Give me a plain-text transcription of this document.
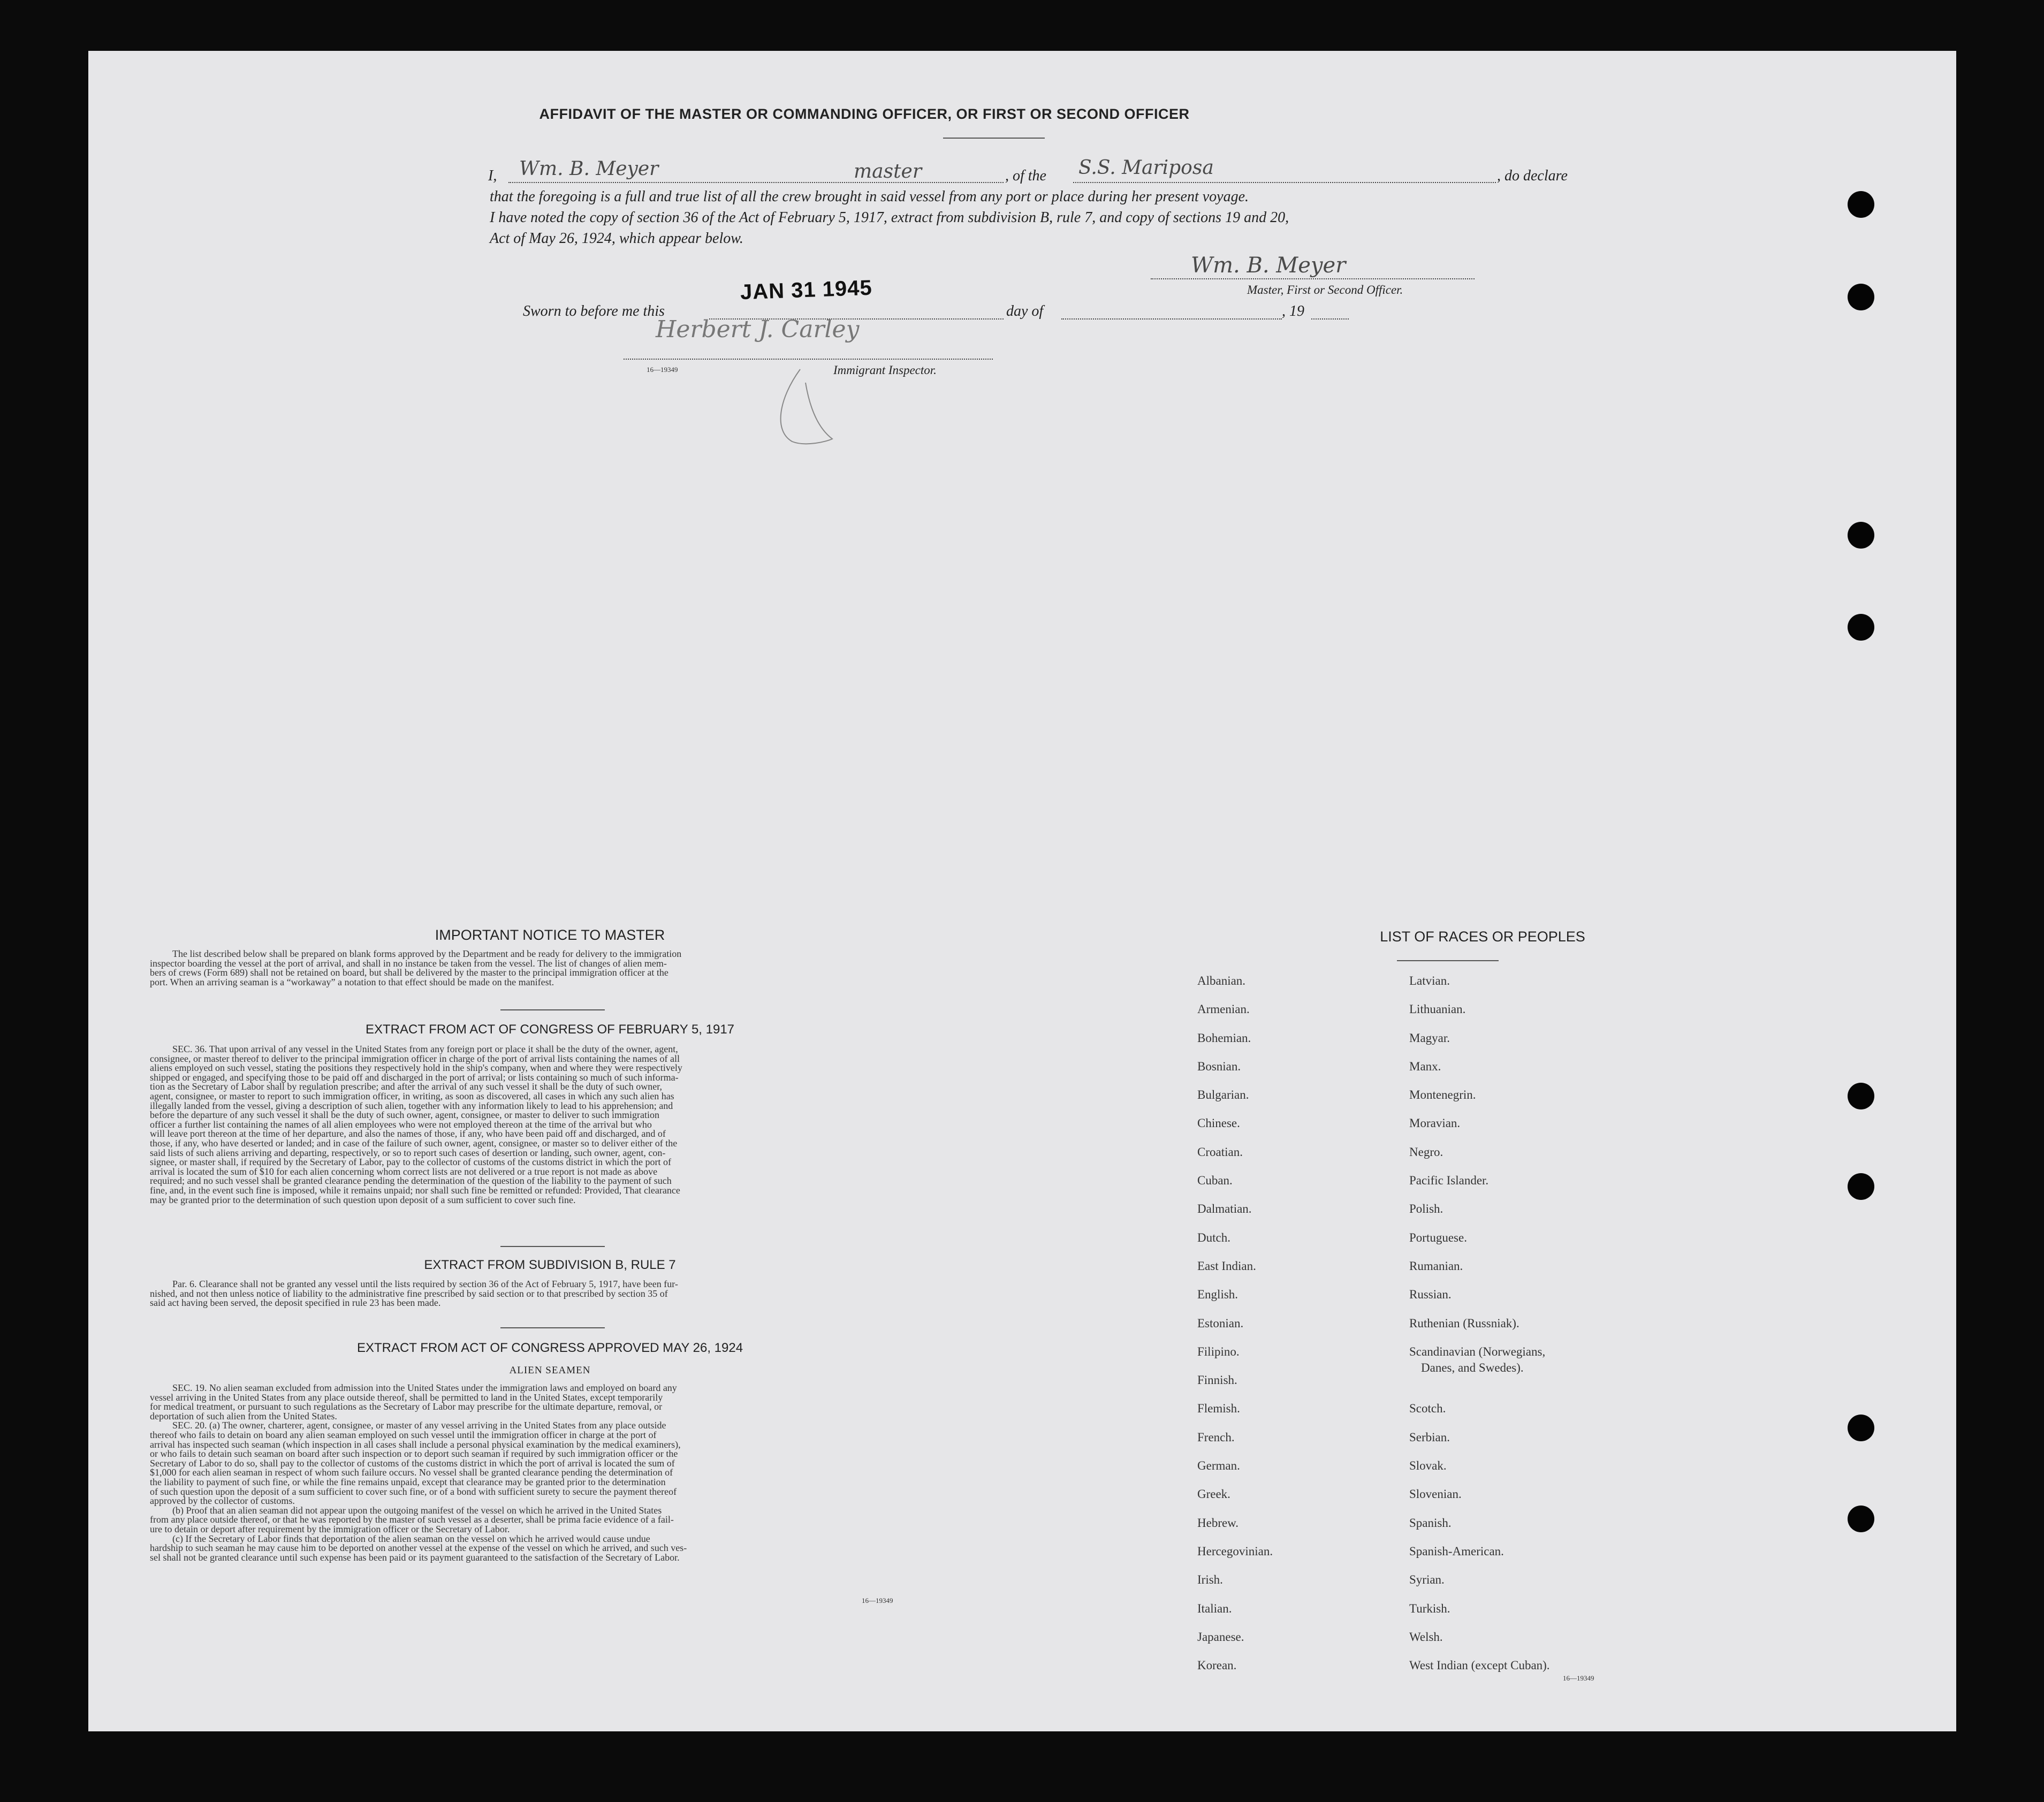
AFFIDAVIT OF THE MASTER OR COMMANDING OFFICER, OR FIRST OR SECOND OFFICER
I,	Wm. B. Meyer	master	, of the S.S. Mariposa	, do declare
that the foregoing is a full and true list of all the crew brought in said vessel from any port or place during her present voyage.
I have noted the copy of section 36 of the Act of February 5, 1917, extract from subdivision B, rule 7, and copy of sections 19 and 20,
Act of May 26, 1924, which appear below.
Wm. B. Meyer
Master, First or Second Officer.
Sworn to before me this
JAN 31 1945
day of	, 19
Herbert J. Carley
16—19349	Immigrant Inspector.
IMPORTANT NOTICE TO MASTER
The list described below shall be prepared on blank forms approved by the Department and be ready for delivery to the immigration
inspector boarding the vessel at the port of arrival, and shall in no instance be taken from the vessel. The list of changes of alien mem-
bers of crews (Form 689) shall not be retained on board, but shall be delivered by the master to the principal immigration officer at the
port. When an arriving seaman is a “workaway” a notation to that effect should be made on the manifest.
EXTRACT FROM ACT OF CONGRESS OF FEBRUARY 5, 1917
SEC. 36. That upon arrival of any vessel in the United States from any foreign port or place it shall be the duty of the owner, agent,
consignee, or master thereof to deliver to the principal immigration officer in charge of the port of arrival lists containing the names of all
aliens employed on such vessel, stating the positions they respectively hold in the ship's company, when and where they were respectively
shipped or engaged, and specifying those to be paid off and discharged in the port of arrival; or lists containing so much of such informa-
tion as the Secretary of Labor shall by regulation prescribe; and after the arrival of any such vessel it shall be the duty of such owner,
agent, consignee, or master to report to such immigration officer, in writing, as soon as discovered, all cases in which any such alien has
illegally landed from the vessel, giving a description of such alien, together with any information likely to lead to his apprehension; and
before the departure of any such vessel it shall be the duty of such owner, agent, consignee, or master to deliver to such immigration
officer a further list containing the names of all alien employees who were not employed thereon at the time of the arrival but who
will leave port thereon at the time of her departure, and also the names of those, if any, who have been paid off and discharged, and of
those, if any, who have deserted or landed; and in case of the failure of such owner, agent, consignee, or master so to deliver either of the
said lists of such aliens arriving and departing, respectively, or so to report such cases of desertion or landing, such owner, agent, con-
signee, or master shall, if required by the Secretary of Labor, pay to the collector of customs of the customs district in which the port of
arrival is located the sum of $10 for each alien concerning whom correct lists are not delivered or a true report is not made as above
required; and no such vessel shall be granted clearance pending the determination of the question of the liability to the payment of such
fine, and, in the event such fine is imposed, while it remains unpaid; nor shall such fine be remitted or refunded: Provided, That clearance
may be granted prior to the determination of such question upon deposit of a sum sufficient to cover such fine.
EXTRACT FROM SUBDIVISION B, RULE 7
Par. 6. Clearance shall not be granted any vessel until the lists required by section 36 of the Act of February 5, 1917, have been fur-
nished, and not then unless notice of liability to the administrative fine prescribed by said section or to that prescribed by section 35 of
said act having been served, the deposit specified in rule 23 has been made.
EXTRACT FROM ACT OF CONGRESS APPROVED MAY 26, 1924
ALIEN SEAMEN
SEC. 19. No alien seaman excluded from admission into the United States under the immigration laws and employed on board any
vessel arriving in the United States from any place outside thereof, shall be permitted to land in the United States, except temporarily
for medical treatment, or pursuant to such regulations as the Secretary of Labor may prescribe for the ultimate departure, removal, or
deportation of such alien from the United States.
SEC. 20. (a) The owner, charterer, agent, consignee, or master of any vessel arriving in the United States from any place outside
thereof who fails to detain on board any alien seaman employed on such vessel until the immigration officer in charge at the port of
arrival has inspected such seaman (which inspection in all cases shall include a personal physical examination by the medical examiners),
or who fails to detain such seaman on board after such inspection or to deport such seaman if required by such immigration officer or the
Secretary of Labor to do so, shall pay to the collector of customs of the customs district in which the port of arrival is located the sum of
$1,000 for each alien seaman in respect of whom such failure occurs. No vessel shall be granted clearance pending the determination of
the liability to payment of such fine, or while the fine remains unpaid, except that clearance may be granted prior to the determination
of such question upon the deposit of a sum sufficient to cover such fine, or of a bond with sufficient surety to secure the payment thereof
approved by the collector of customs.
(b) Proof that an alien seaman did not appear upon the outgoing manifest of the vessel on which he arrived in the United States
from any place outside thereof, or that he was reported by the master of such vessel as a deserter, shall be prima facie evidence of a fail-
ure to detain or deport after requirement by the immigration officer or the Secretary of Labor.
(c) If the Secretary of Labor finds that deportation of the alien seaman on the vessel on which he arrived would cause undue
hardship to such seaman he may cause him to be deported on another vessel at the expense of the vessel on which he arrived, and such ves-
sel shall not be granted clearance until such expense has been paid or its payment guaranteed to the satisfaction of the Secretary of Labor.
16—19349
LIST OF RACES OR PEOPLES
Albanian.
Armenian.
Bohemian.
Bosnian.
Bulgarian.
Chinese.
Croatian.
Cuban.
Dalmatian.
Dutch.
East Indian.
English.
Estonian.
Filipino.
Finnish.
Flemish.
French.
German.
Greek.
Hebrew.
Hercegovinian.
Irish.
Italian.
Japanese.
Korean.
Latvian.
Lithuanian.
Magyar.
Manx.
Montenegrin.
Moravian.
Negro.
Pacific Islander.
Polish.
Portuguese.
Rumanian.
Russian.
Ruthenian (Russniak).
Scandinavian (Norwegians,
Danes, and Swedes).
Scotch.
Serbian.
Slovak.
Slovenian.
Spanish.
Spanish-American.
Syrian.
Turkish.
Welsh.
West Indian (except Cuban).
16—19349
